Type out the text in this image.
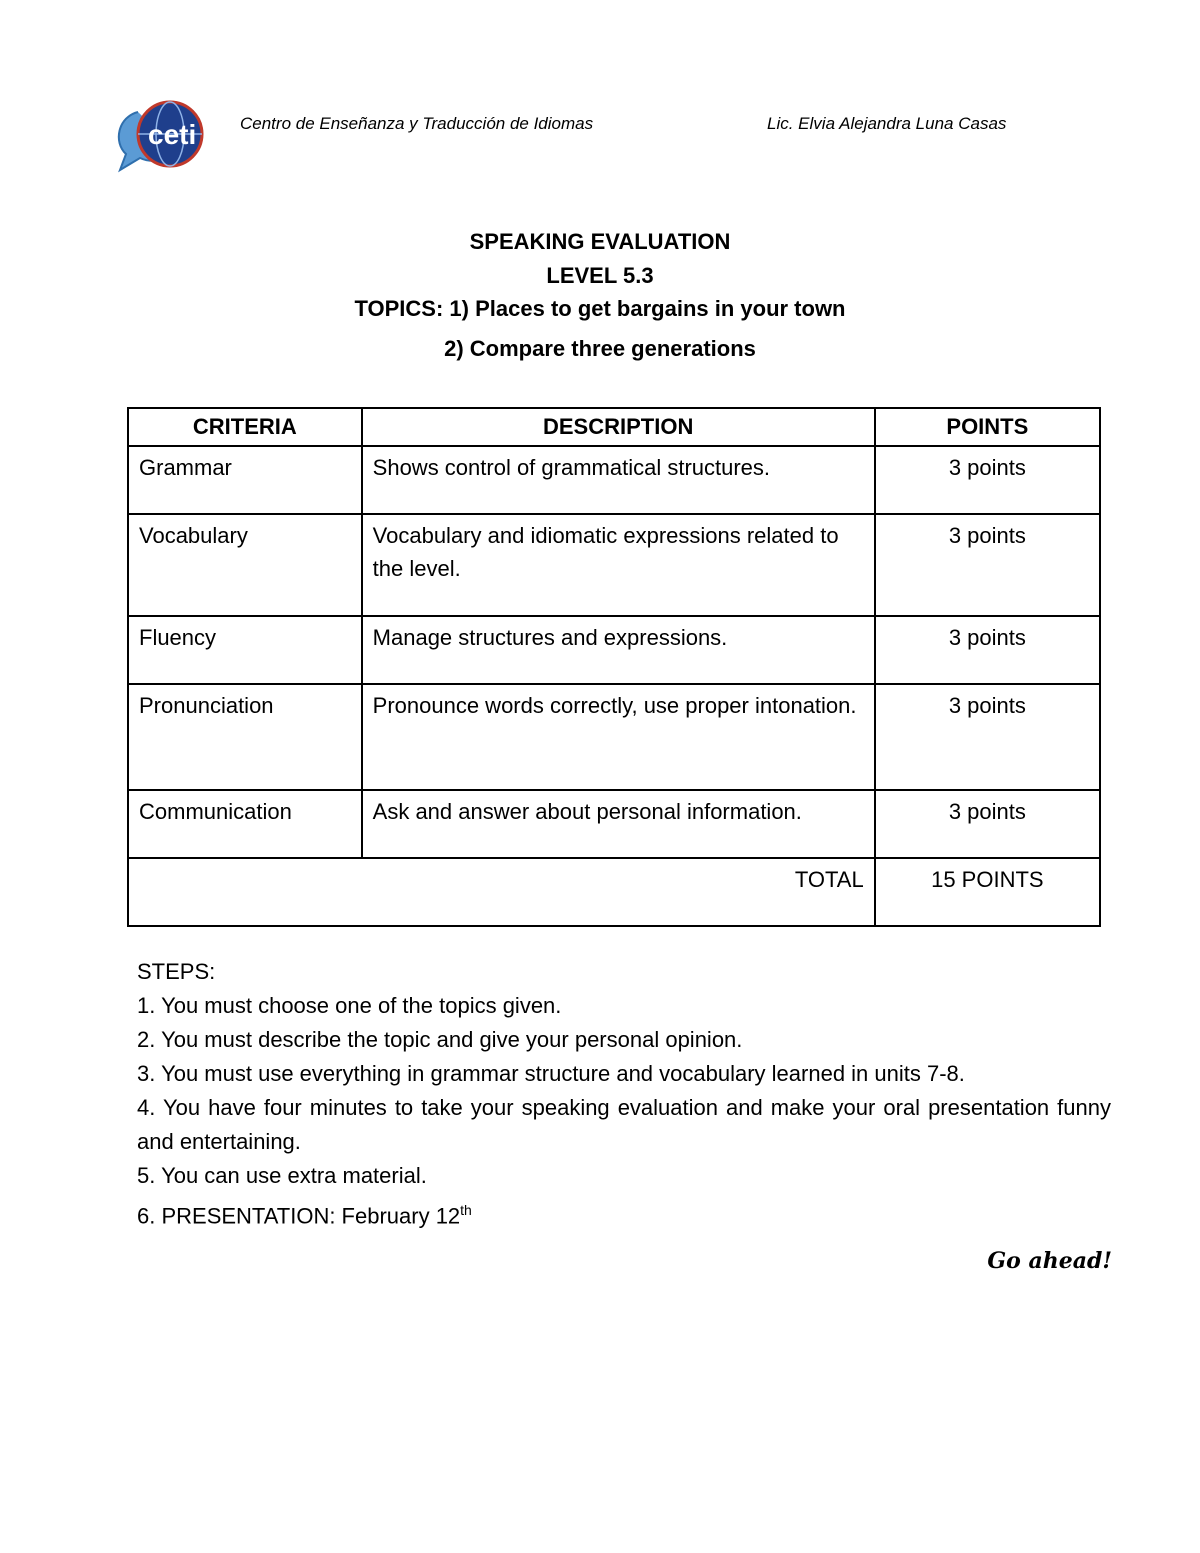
ceti	Centro de Enseñanza y Traducción de Idiomas	Lic. Elvia Alejandra Luna Casas
SPEAKING EVALUATION
LEVEL 5.3
TOPICS: 1) Places to get bargains in your town
2) Compare three generations
CRITERIA	DESCRIPTION	POINTS
Grammar	Shows control of grammatical structures.	3 points
Vocabulary	Vocabulary and idiomatic expressions related to the level.	3 points
Fluency	Manage structures and expressions.	3 points
Pronunciation	Pronounce words correctly, use proper intonation.	3 points
Communication	Ask and answer about personal information.	3 points
TOTAL		15 POINTS
STEPS:
1. You must choose one of the topics given.
2. You must describe the topic and give your personal opinion.
3. You must use everything in grammar structure and vocabulary learned in units 7-8.
4. You have four minutes to take your speaking evaluation and make your oral presentation funny and entertaining.
5. You can use extra material.
6. PRESENTATION: February 12th
Go ahead!
